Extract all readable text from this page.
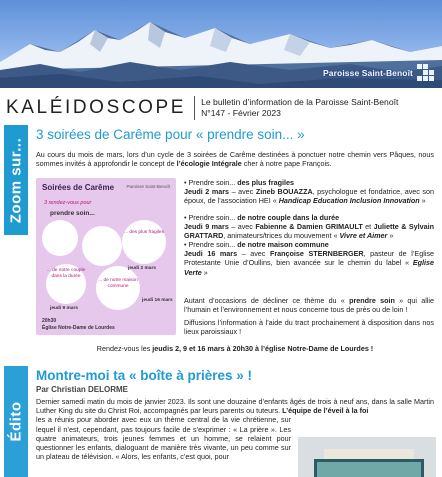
Paroisse Saint-Benoît
KALÉIDOSCOPE Le bulletin d’information de la Paroisse Saint-Benoît
N°147 - Février 2023
Zoom sur...
3 soirées de Carême pour « prendre soin... »

Au cours du mois de mars, lors d’un cycle de 3 soirées de Carême destinées à ponctuer notre chemin vers Pâques, nous sommes invités à approfondir le concept de l’écologie Intégrale cher à notre pape François.

Soirées de Carême	Paroisse Saint-Benoît
3 rendez-vous pour
prendre soin...
... des plus fragiles
jeudi 2 mars
... de notre couple dans la durée
jeudi 9 mars
... de notre maison commune
jeudi 16 mars
20h30
Église Notre-Dame de Lourdes

• Prendre soin... des plus fragiles
Jeudi 2 mars – avec Zineb BOUAZZA, psychologue et fondatrice, avec son époux, de l’association HEI « Handicap Education Inclusion Innovation »

• Prendre soin... de notre couple dans la durée
Jeudi 9 mars – avec Fabienne & Damien GRIMAULT et Juliette & Sylvain GRATTARD, animateurs/trices du mouvement « Vivre et Aimer »

• Prendre soin... de notre maison commune
Jeudi 16 mars – avec Françoise STERNBERGER, pasteur de l’Eglise Protestante Unie d’Oullins, bien avancée sur le chemin du label « Eglise Verte »

Autant d’occasions de décliner ce thème du « prendre soin » qui allie l’humain et l’environnement et nous concerne tous de près ou de loin !

Diffusions l’information à l’aide du tract prochainement à disposition dans nos lieux paroissiaux !

Rendez-vous les jeudis 2, 9 et 16 mars à 20h30 à l’église Notre-Dame de Lourdes !

Édito
Montre-moi ta « boîte à prières » !
Par Christian DELORME

Dernier samedi matin du mois de janvier 2023. Ils sont une douzaine d’enfants âgés de trois à neuf ans, dans la salle Martin Luther King du site du Christ Roi, accompagnés par leurs parents ou tuteurs. L’équipe de l’éveil à la foi

les a réunis pour aborder avec eux un thème central de la vie chrétienne, sur lequel il n’est, cependant, pas toujours facile de s’exprimer : « La prière ». Les quatre animateurs, trois jeunes femmes et un homme, se relaient pour questionner les enfants, dialoguant de manière très vivante, un peu comme sur un plateau de télévision. « Alors, les enfants, c’est quoi, pour
